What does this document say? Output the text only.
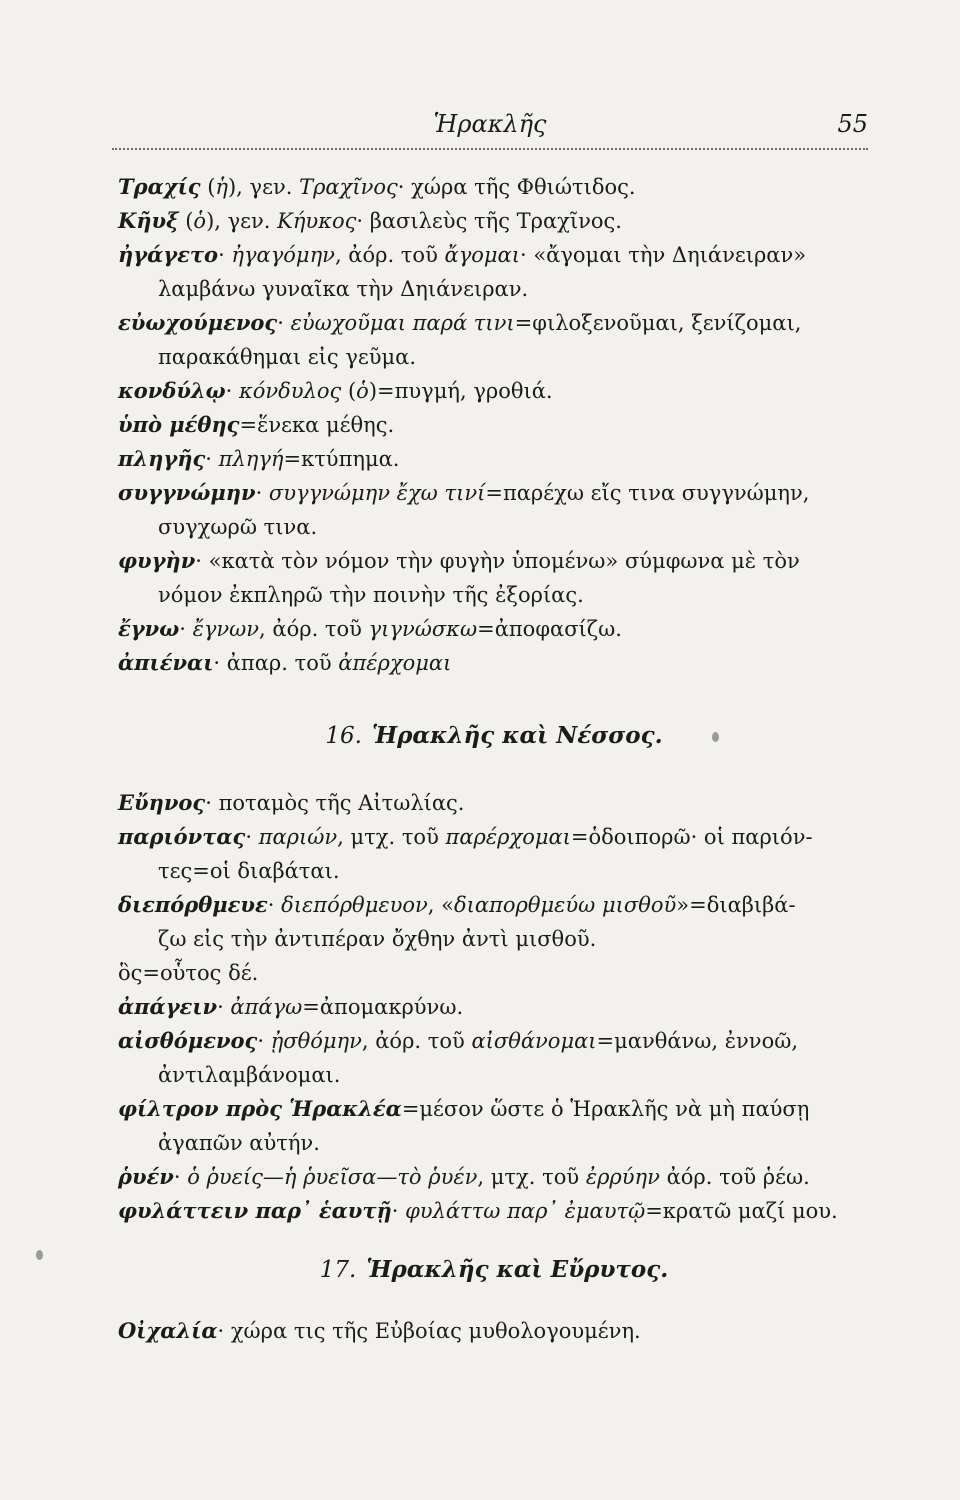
Ἡρακλῆς	55

Τραχίς (ἡ), γεν. Τραχῖνος· χώρα τῆς Φθιώτιδος.

Κῆυξ (ὁ), γεν. Κήυκος· βασιλεὺς τῆς Τραχῖνος.

ἠγάγετο· ἠγαγόμην, ἀόρ. τοῦ ἄγομαι· «ἄγομαι τὴν Δηιάνειραν»
λαμβάνω γυναῖκα τὴν Δηιάνειραν.

εὐωχούμενος· εὐωχοῦμαι παρά τινι=φιλοξενοῦμαι, ξενίζομαι,
παρακάθημαι εἰς γεῦμα.

κονδύλῳ· κόνδυλος (ὁ)=πυγμή, γροθιά.

ὑπὸ μέθης=ἕνεκα μέθης.

πληγῆς· πληγή=κτύπημα.

συγγνώμην· συγγνώμην ἔχω τινί=παρέχω εἴς τινα συγγνώμην,
συγχωρῶ τινα.

φυγὴν· «κατὰ τὸν νόμον τὴν φυγὴν ὑπομένω» σύμφωνα μὲ τὸν
νόμον ἐκπληρῶ τὴν ποινὴν τῆς ἐξορίας.

ἔγνω· ἔγνων, ἀόρ. τοῦ γιγνώσκω=ἀποφασίζω.

ἀπιέναι· ἀπαρ. τοῦ ἀπέρχομαι

16. Ἡρακλῆς καὶ Νέσσος.

Εὔηνος· ποταμὸς τῆς Αἰτωλίας.

παριόντας· παριών, μτχ. τοῦ παρέρχομαι=ὁδοιπορῶ· οἱ παριόν-
τες=οἱ διαβάται.

διεπόρθμευε· διεπόρθμευον, «διαπορθμεύω μισθοῦ»=διαβιβά-
ζω εἰς τὴν ἀντιπέραν ὄχθην ἀντὶ μισθοῦ.

ὃς=οὗτος δέ.

ἀπάγειν· ἀπάγω=ἀπομακρύνω.

αἰσθόμενος· ᾐσθόμην, ἀόρ. τοῦ αἰσθάνομαι=μανθάνω, ἐννοῶ,
ἀντιλαμβάνομαι.

φίλτρον πρὸς Ἡρακλέα=μέσον ὥστε ὁ Ἡρακλῆς νὰ μὴ παύσῃ
ἀγαπῶν αὐτήν.

ῥυέν· ὁ ῥυείς—ἡ ῥυεῖσα—τὸ ῥυέν, μτχ. τοῦ ἐρρύην ἀόρ. τοῦ ῥέω.

φυλάττειν παρ᾽ ἑαυτῇ· φυλάττω παρ᾽ ἐμαυτῷ=κρατῶ μαζί μου.

17. Ἡρακλῆς καὶ Εὔρυτος.

Οἰχαλία· χώρα τις τῆς Εὐβοίας μυθολογουμένη.
